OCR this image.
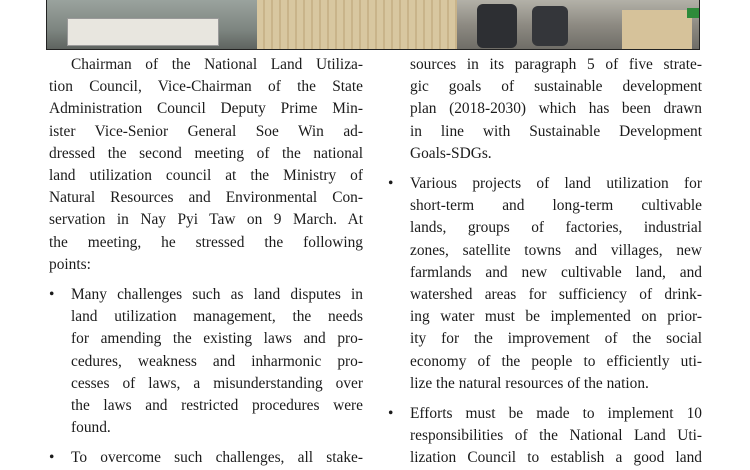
Chairman of the National Land Utiliza-
tion Council, Vice-Chairman of the State
Administration Council Deputy Prime Min-
ister Vice-Senior General Soe Win ad-
dressed the second meeting of the national
land utilization council at the Ministry of
Natural Resources and Environmental Con-
servation in Nay Pyi Taw on 9 March. At
the meeting, he stressed the following
points:
• Many challenges such as land disputes in
land utilization management, the needs
for amending the existing laws and pro-
cedures, weakness and inharmonic pro-
cesses of laws, a misunderstanding over
the laws and restricted procedures were
found.
• To overcome such challenges, all stake-
sources in its paragraph 5 of five strate-
gic goals of sustainable development
plan (2018-2030) which has been drawn
in line with Sustainable Development
Goals-SDGs.
• Various projects of land utilization for
short-term and long-term cultivable
lands, groups of factories, industrial
zones, satellite towns and villages, new
farmlands and new cultivable land, and
watershed areas for sufficiency of drink-
ing water must be implemented on prior-
ity for the improvement of the social
economy of the people to efficiently uti-
lize the natural resources of the nation.
• Efforts must be made to implement 10
responsibilities of the National Land Uti-
lization Council to establish a good land
